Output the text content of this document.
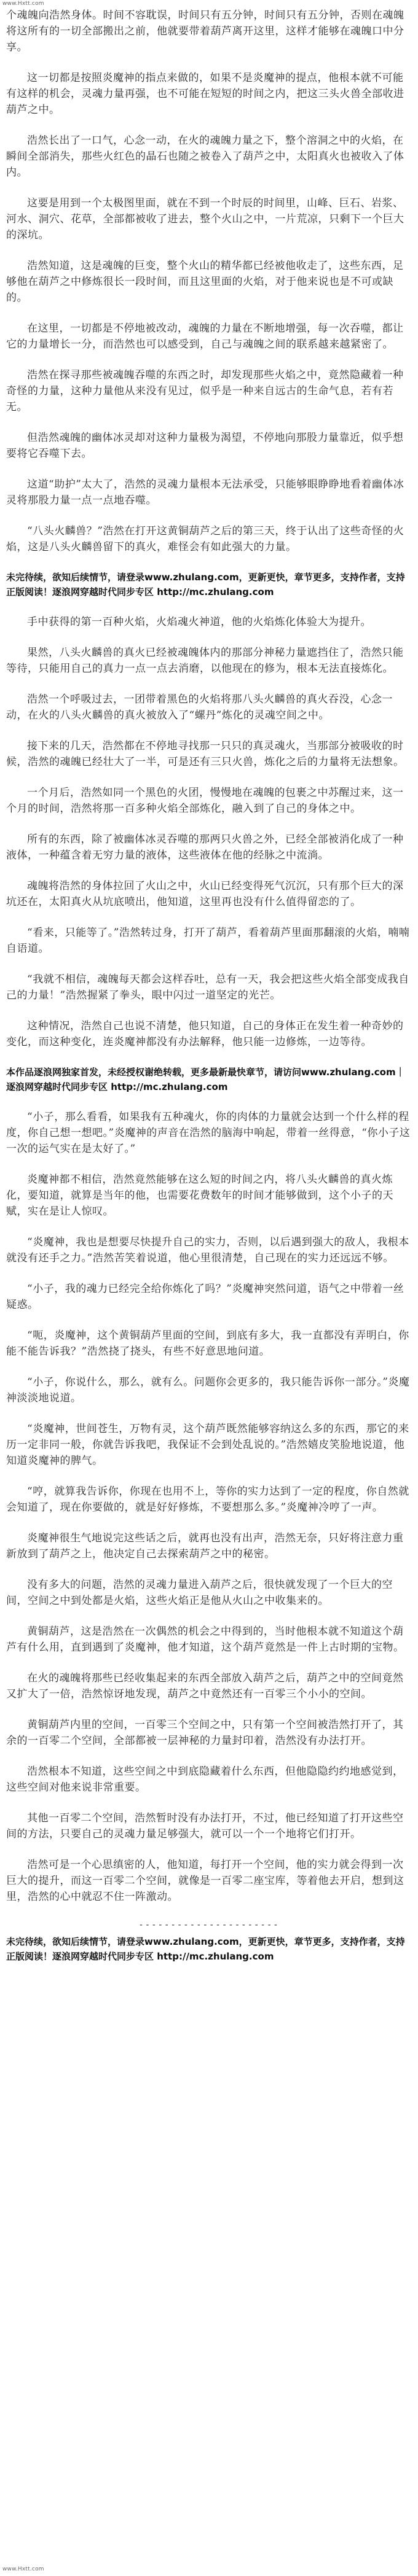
www.Hxtt.com

个魂魄向浩然身体。时间不容耽误，时间只有五分钟，时间只有五分钟，否则在魂魄将这所有的一切全部搬出之前，他就要带着葫芦离开这里，这样才能够在魂魄口中分享。

这一切都是按照炎魔神的指点来做的，如果不是炎魔神的提点，他根本就不可能有这样的机会，灵魂力量再强，也不可能在短短的时间之内，把这三头火兽全部收进葫芦之中。

浩然长出了一口气，心念一动，在火的魂魄力量之下，整个溶洞之中的火焰，在瞬间全部消失，那些火红色的晶石也随之被卷入了葫芦之中，太阳真火也被收入了体内。

这要是用到一个太极图里面，就在不到一个时辰的时间里，山峰、巨石、岩浆、河水、洞穴、花草，全部都被收了进去，整个火山之中，一片荒凉，只剩下一个巨大的深坑。

浩然知道，这是魂魄的巨变，整个火山的精华都已经被他收走了，这些东西，足够他在葫芦之中修炼很长一段时间，而且这里面的火焰，对于他来说也是不可或缺的。

在这里，一切都是不停地被改动，魂魄的力量在不断地增强，每一次吞噬，都让它的力量增长一分，而浩然也可以感受到，自己与魂魄之间的联系越来越紧密了。

浩然在探寻那些被魂魄吞噬的东西之时，却发现那些火焰之中，竟然隐藏着一种奇怪的力量，这种力量他从来没有见过，似乎是一种来自远古的生命气息，若有若无。

但浩然魂魄的幽体冰灵却对这种力量极为渴望，不停地向那股力量靠近，似乎想要将它吞噬下去。

这道“助护”太大了，浩然的灵魂力量根本无法承受，只能够眼睁睁地看着幽体冰灵将那股力量一点一点地吞噬。

“八头火麟兽？”浩然在打开这黄铜葫芦之后的第三天，终于认出了这些奇怪的火焰，这是八头火麟兽留下的真火，难怪会有如此强大的力量。

未完待续，欲知后续情节，请登录www.zhulang.com，更新更快，章节更多，支持作者，支持正版阅读！逐浪网穿越时代同步专区 http://mc.zhulang.com

手中获得的第一百种火焰，火焰魂火神道，他的火焰炼化体验大为提升。

果然，八头火麟兽的真火已经被魂魄体内的那部分神秘力量遮挡住了，浩然只能等待，只能用自己的真力一点一点去消磨，以他现在的修为，根本无法直接炼化。

浩然一个呼吸过去，一团带着黑色的火焰将那八头火麟兽的真火吞没，心念一动，在火的八头火麟兽的真火被放入了“螺丹”炼化的灵魂空间之中。

接下来的几天，浩然都在不停地寻找那一只只的真灵魂火，当那部分被吸收的时候，浩然的魂魄已经壮大了一半，可是还有三只火兽，炼化之后的力量将无法想象。

一个月后，浩然如同一个黑色的火团，慢慢地在魂魄的包裹之中苏醒过来，这一个月的时间，浩然将那一百多种火焰全部炼化，融入到了自己的身体之中。

所有的东西，除了被幽体冰灵吞噬的那两只火兽之外，已经全部被消化成了一种液体，一种蕴含着无穷力量的液体，这些液体在他的经脉之中流淌。

魂魄将浩然的身体拉回了火山之中，火山已经变得死气沉沉，只有那个巨大的深坑还在，太阳真火从坑底喷出，他知道，这里再也没有什么值得留恋的了。

“看来，只能等了。”浩然转过身，打开了葫芦，看着葫芦里面那翻滚的火焰，喃喃自语道。

“我就不相信，魂魄每天都会这样吞吐，总有一天，我会把这些火焰全部变成我自己的力量！”浩然握紧了拳头，眼中闪过一道坚定的光芒。

这种情况，浩然自己也说不清楚，他只知道，自己的身体正在发生着一种奇妙的变化，而这种变化，连炎魔神都没有办法解释，他只能一边修炼，一边等待。

本作品逐浪网独家首发，未经授权谢绝转载，更多最新最快章节，请访问www.zhulang.com｜逐浪网穿越时代同步专区 http://mc.zhulang.com

“小子，那么看看，如果我有五种魂火，你的肉体的力量就会达到一个什么样的程度，你自己想一想吧。”炎魔神的声音在浩然的脑海中响起，带着一丝得意，“你小子这一次的运气实在是太好了。”

炎魔神都不相信，浩然竟然能够在这么短的时间之内，将八头火麟兽的真火炼化，要知道，就算是当年的他，也需要花费数年的时间才能够做到，这个小子的天赋，实在是让人惊叹。

“炎魔神，我也是想要尽快提升自己的实力，否则，以后遇到强大的敌人，我根本就没有还手之力。”浩然苦笑着说道，他心里很清楚，自己现在的实力还远远不够。

“小子，我的魂力已经完全给你炼化了吗？”炎魔神突然问道，语气之中带着一丝疑惑。

“呃，炎魔神，这个黄铜葫芦里面的空间，到底有多大，我一直都没有弄明白，你能不能告诉我？”浩然挠了挠头，有些不好意思地问道。

“小子，你说什么，那么，就有么。问题你会更多的，我只能告诉你一部分。”炎魔神淡淡地说道。

“炎魔神，世间苍生，万物有灵，这个葫芦既然能够容纳这么多的东西，那它的来历一定非同一般，你就告诉我吧，我保证不会到处乱说的。”浩然嬉皮笑脸地说道，他知道炎魔神的脾气。

“哼，就算我告诉你，你现在也用不上，等你的实力达到了一定的程度，你自然就会知道了，现在你要做的，就是好好修炼，不要想那么多。”炎魔神冷哼了一声。

炎魔神很生气地说完这些话之后，就再也没有出声，浩然无奈，只好将注意力重新放到了葫芦之上，他决定自己去探索葫芦之中的秘密。

没有多大的问题，浩然的灵魂力量进入葫芦之后，很快就发现了一个巨大的空间，空间之中到处都是火焰，这些火焰正是他从火山之中收集来的。

黄铜葫芦，这是浩然在一次偶然的机会之中得到的，当时他根本就不知道这个葫芦有什么用，直到遇到了炎魔神，他才知道，这个葫芦竟然是一件上古时期的宝物。

在火的魂魄将那些已经收集起来的东西全部放入葫芦之后，葫芦之中的空间竟然又扩大了一倍，浩然惊讶地发现，葫芦之中竟然还有一百零三个小小的空间。

黄铜葫芦内里的空间，一百零三个空间之中，只有第一个空间被浩然打开了，其余的一百零二个空间，全部都被一层神秘的力量封印着，浩然没有办法打开。

浩然根本不知道，这些空间之中到底隐藏着什么东西，但他隐隐约约地感觉到，这些空间对他来说非常重要。

其他一百零二个空间，浩然暂时没有办法打开，不过，他已经知道了打开这些空间的方法，只要自己的灵魂力量足够强大，就可以一个一个地将它们打开。

浩然可是一个心思缜密的人，他知道，每打开一个空间，他的实力就会得到一次巨大的提升，而这一百零二个空间，就像是一百零二座宝库，等着他去开启，想到这里，浩然的心中就忍不住一阵激动。

----------------------

未完待续，欲知后续情节，请登录www.zhulang.com，更新更快，章节更多，支持作者，支持正版阅读！逐浪网穿越时代同步专区 http://mc.zhulang.com

www.Hxtt.com
